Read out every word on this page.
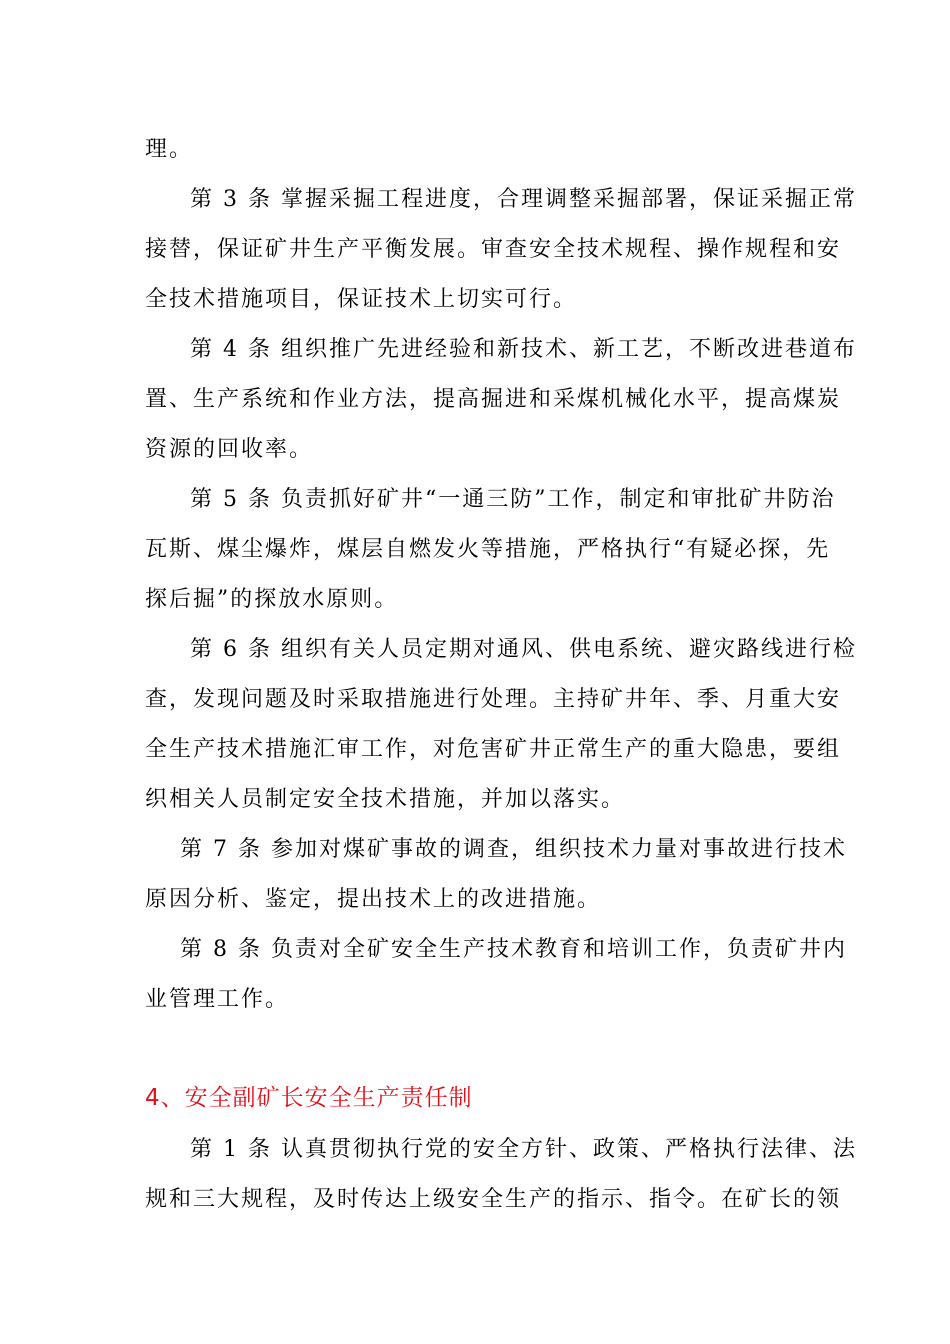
理。
第 3 条 掌握采掘工程进度，合理调整采掘部署，保证采掘正常
接替，保证矿井生产平衡发展。审查安全技术规程、操作规程和安
全技术措施项目，保证技术上切实可行。
第 4 条 组织推广先进经验和新技术、新工艺，不断改进巷道布
置、生产系统和作业方法，提高掘进和采煤机械化水平，提高煤炭
资源的回收率。
第 5 条 负责抓好矿井“一通三防”工作，制定和审批矿井防治
瓦斯、煤尘爆炸，煤层自燃发火等措施，严格执行“有疑必探，先
探后掘”的探放水原则。
第 6 条 组织有关人员定期对通风、供电系统、避灾路线进行检
查，发现问题及时采取措施进行处理。主持矿井年、季、月重大安
全生产技术措施汇审工作，对危害矿井正常生产的重大隐患，要组
织相关人员制定安全技术措施，并加以落实。
第 7 条 参加对煤矿事故的调查，组织技术力量对事故进行技术
原因分析、鉴定，提出技术上的改进措施。
第 8 条 负责对全矿安全生产技术教育和培训工作，负责矿井内
业管理工作。
4、安全副矿长安全生产责任制
第 1 条 认真贯彻执行党的安全方针、政策、严格执行法律、法
规和三大规程，及时传达上级安全生产的指示、指令。在矿长的领
